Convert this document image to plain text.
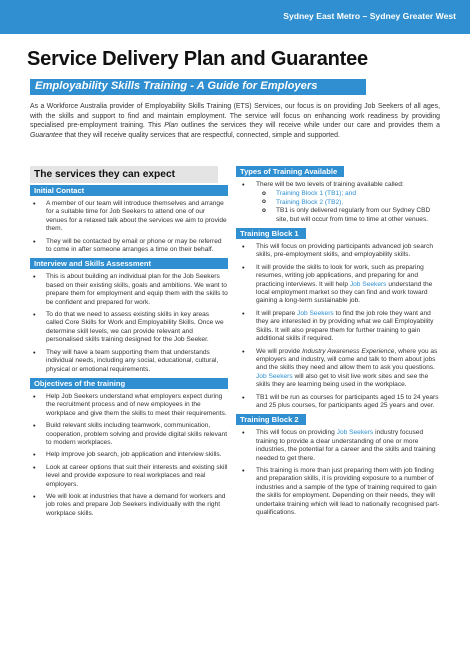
Sydney East Metro – Sydney Greater West
Service Delivery Plan and Guarantee
Employability Skills Training - A Guide for Employers

As a Workforce Australia provider of Employability Skills Training (ETS) Services, our focus is on providing Job Seekers of all ages, with the skills and support to find and maintain employment. The service will focus on enhancing work readiness by providing specialised pre-employment training. This Plan outlines the services they will receive while under our care and provides them a Guarantee that they will receive quality services that are respectful, connected, simple and supported.

The services they can expect
Initial Contact
• A member of our team will introduce themselves and arrange for a suitable time for Job Seekers to attend one of our venues for a relaxed talk about the services we aim to provide them.
• They will be contacted by email or phone or may be referred to come in after someone arranges a time on their behalf.
Interview and Skills Assessment
• This is about building an individual plan for the Job Seekers based on their existing skills, goals and ambitions. We want to prepare them for employment and equip them with the skills to be confident and prepared for work.
• To do that we need to assess existing skills in key areas called Core Skills for Work and Employability Skills. Once we determine skill levels, we can provide relevant and personalised skills training designed for the Job Seeker.
• They will have a team supporting them that understands individual needs, including any social, educational, cultural, physical or emotional requirements.
Objectives of the training
• Help Job Seekers understand what employers expect during the recruitment process and of new employees in the workplace and give them the skills to meet their requirements.
• Build relevant skills including teamwork, communication, cooperation, problem solving and provide digital skills relevant to modern workplaces.
• Help improve job search, job application and interview skills.
• Look at career options that suit their interests and existing skill level and provide exposure to real workplaces and real employers.
• We will look at industries that have a demand for workers and job roles and prepare Job Seekers individually with the right workplace skills.
Types of Training Available
• There will be two levels of training available called:
o Training Block 1 (TB1); and
o Training Block 2 (TB2).
o TB1 is only delivered regularly from our Sydney CBD site, but will occur from time to time at other venues.
Training Block 1
• This will focus on providing participants advanced job search skills, pre-employment skills, and employability skills.
• It will provide the skills to look for work, such as preparing resumes, writing job applications, and preparing for and practicing interviews. It will help Job Seekers understand the local employment market so they can find and work toward gaining a long-term sustainable job.
• It will prepare Job Seekers to find the job role they want and they are interested in by providing what we call Employability Skills. It will also prepare them for further training to gain additional skills if required.
• We will provide Industry Awareness Experience, where you as employers and industry, will come and talk to them about jobs and the skills they need and allow them to ask you questions. Job Seekers will also get to visit live work sites and see the skills they are learning being used in the workplace.
• TB1 will be run as courses for participants aged 15 to 24 years and 25 plus courses, for participants aged 25 years and over.
Training Block 2
• This will focus on providing Job Seekers industry focused training to provide a clear understanding of one or more industries, the potential for a career and the skills and training needed to get there.
• This training is more than just preparing them with job finding and preparation skills, it is providing exposure to a number of industries and a sample of the type of training required to gain the skills for employment. Depending on their needs, they will undertake training which will lead to nationally recognised part-qualifications.
